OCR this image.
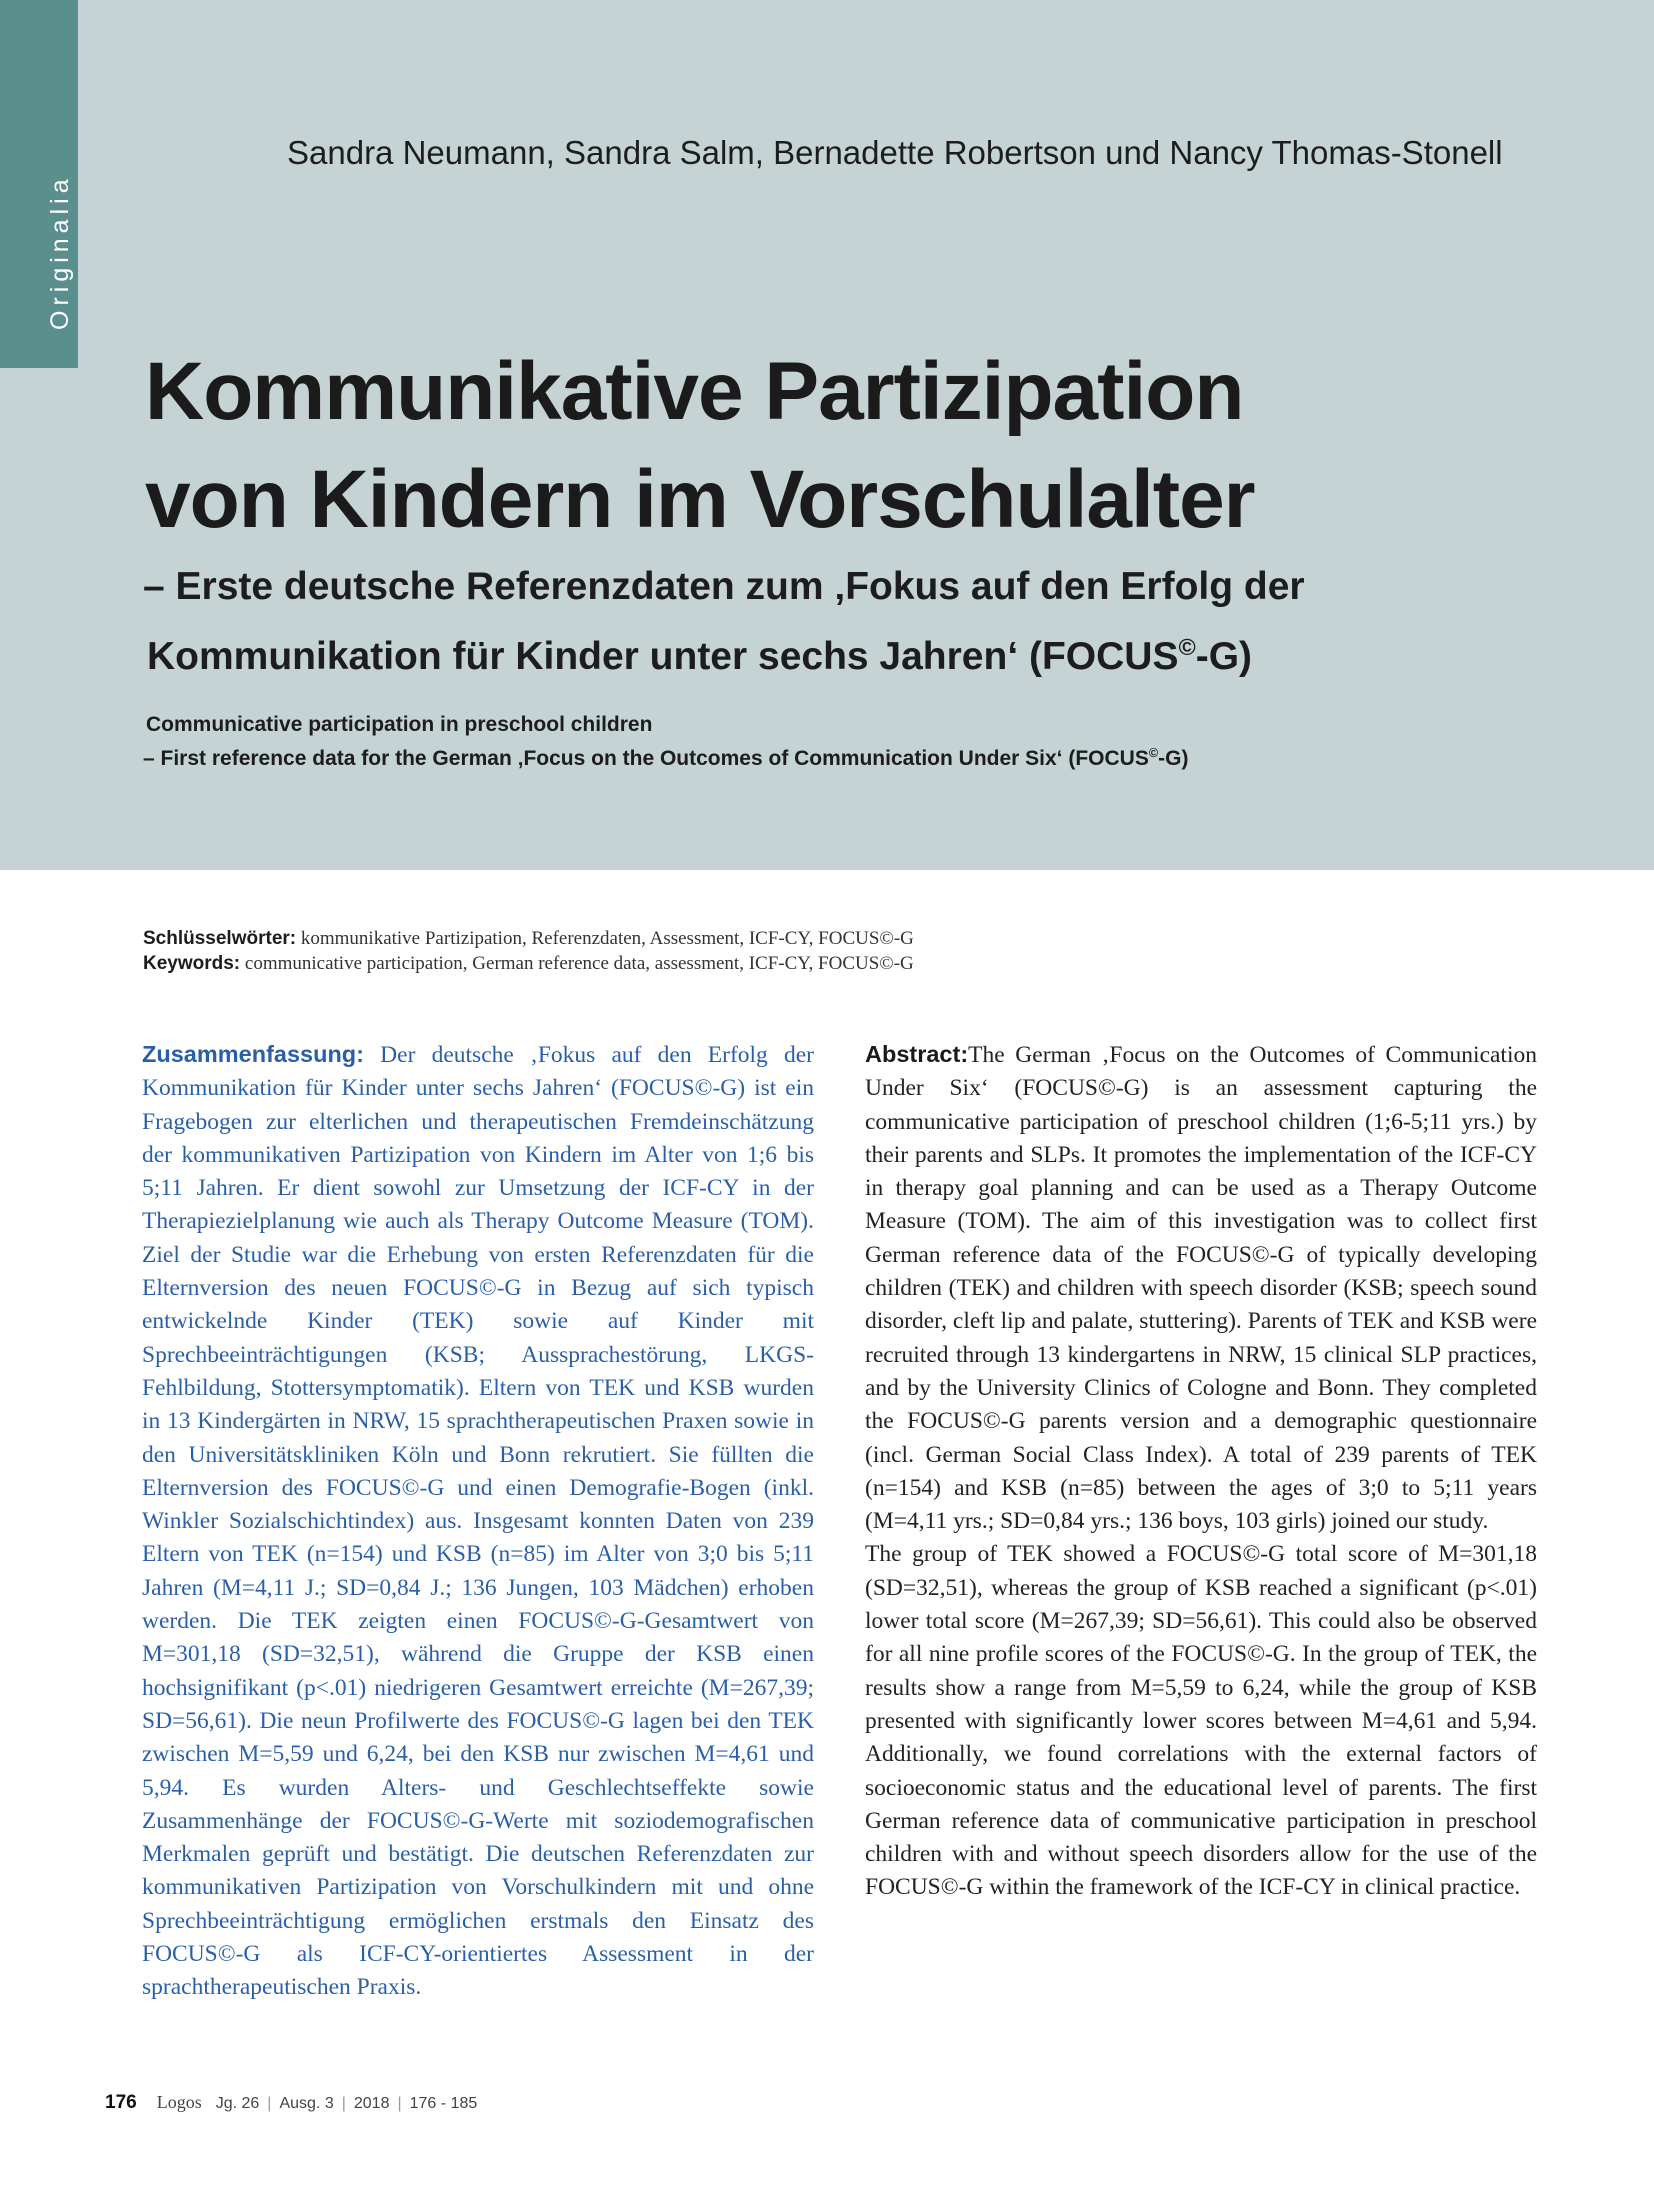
Originalia
Sandra Neumann, Sandra Salm, Bernadette Robertson und Nancy Thomas-Stonell
Kommunikative Partizipation
von Kindern im Vorschulalter
– Erste deutsche Referenzdaten zum ‚Fokus auf den Erfolg der
Kommunikation für Kinder unter sechs Jahren‘ (FOCUS©-G)
Communicative participation in preschool children
– First reference data for the German ‚Focus on the Outcomes of Communication Under Six‘ (FOCUS©-G)
Schlüsselwörter: kommunikative Partizipation, Referenzdaten, Assessment, ICF-CY, FOCUS©-G
Keywords: communicative participation, German reference data, assessment, ICF-CY, FOCUS©-G

Zusammenfassung: Der deutsche ‚Fokus auf den Erfolg der Kommunikation für Kinder unter sechs Jahren‘ (FOCUS©-G) ist ein Fragebogen zur elterlichen und therapeutischen Fremdeinschätzung der kommunikativen Partizipation von Kindern im Alter von 1;6 bis 5;11 Jahren. Er dient sowohl zur Umsetzung der ICF-CY in der Therapiezielplanung wie auch als Therapy Outcome Measure (TOM). Ziel der Studie war die Erhebung von ersten Referenzdaten für die Elternversion des neuen FOCUS©-G in Bezug auf sich typisch entwickelnde Kinder (TEK) sowie auf Kinder mit Sprechbeeinträchtigungen (KSB; Aussprachestörung, LKGS-Fehlbildung, Stottersymptomatik). Eltern von TEK und KSB wurden in 13 Kindergärten in NRW, 15 sprachtherapeutischen Praxen sowie in den Universitätskliniken Köln und Bonn rekrutiert. Sie füllten die Elternversion des FOCUS©-G und einen Demografie-Bogen (inkl. Winkler Sozialschichtindex) aus. Insgesamt konnten Daten von 239 Eltern von TEK (n=154) und KSB (n=85) im Alter von 3;0 bis 5;11 Jahren (M=4,11 J.; SD=0,84 J.; 136 Jungen, 103 Mädchen) erhoben werden. Die TEK zeigten einen FOCUS©-G-Gesamtwert von M=301,18 (SD=32,51), während die Gruppe der KSB einen hochsignifikant (p<.01) niedrigeren Gesamtwert erreichte (M=267,39; SD=56,61). Die neun Profilwerte des FOCUS©-G lagen bei den TEK zwischen M=5,59 und 6,24, bei den KSB nur zwischen M=4,61 und 5,94. Es wurden Alters- und Geschlechtseffekte sowie Zusammenhänge der FOCUS©-G-Werte mit soziodemografischen Merkmalen geprüft und bestätigt. Die deutschen Referenzdaten zur kommunikativen Partizipation von Vorschulkindern mit und ohne Sprechbeeinträchtigung ermöglichen erstmals den Einsatz des FOCUS©-G als ICF-CY-orientiertes Assessment in der sprachtherapeutischen Praxis.

Abstract:The German ‚Focus on the Outcomes of Communication Under Six‘ (FOCUS©-G) is an assessment capturing the communicative participation of preschool children (1;6-5;11 yrs.) by their parents and SLPs. It promotes the implementation of the ICF-CY in therapy goal planning and can be used as a Therapy Outcome Measure (TOM). The aim of this investigation was to collect first German reference data of the FOCUS©-G of typically developing children (TEK) and children with speech disorder (KSB; speech sound disorder, cleft lip and palate, stuttering). Parents of TEK and KSB were recruited through 13 kindergartens in NRW, 15 clinical SLP practices, and by the University Clinics of Cologne and Bonn. They completed the FOCUS©-G parents version and a demographic questionnaire (incl. German Social Class Index). A total of 239 parents of TEK (n=154) and KSB (n=85) between the ages of 3;0 to 5;11 years (M=4,11 yrs.; SD=0,84 yrs.; 136 boys, 103 girls) joined our study.

The group of TEK showed a FOCUS©-G total score of M=301,18 (SD=32,51), whereas the group of KSB reached a significant (p<.01) lower total score (M=267,39; SD=56,61). This could also be observed for all nine profile scores of the FOCUS©-G. In the group of TEK, the results show a range from M=5,59 to 6,24, while the group of KSB presented with significantly lower scores between M=4,61 and 5,94. Additionally, we found correlations with the external factors of socioeconomic status and the educational level of parents. The first German reference data of communicative participation in preschool children with and without speech disorders allow for the use of the FOCUS©-G within the framework of the ICF-CY in clinical practice.

176 Logos Jg. 26 | Ausg. 3 | 2018 | 176 - 185
